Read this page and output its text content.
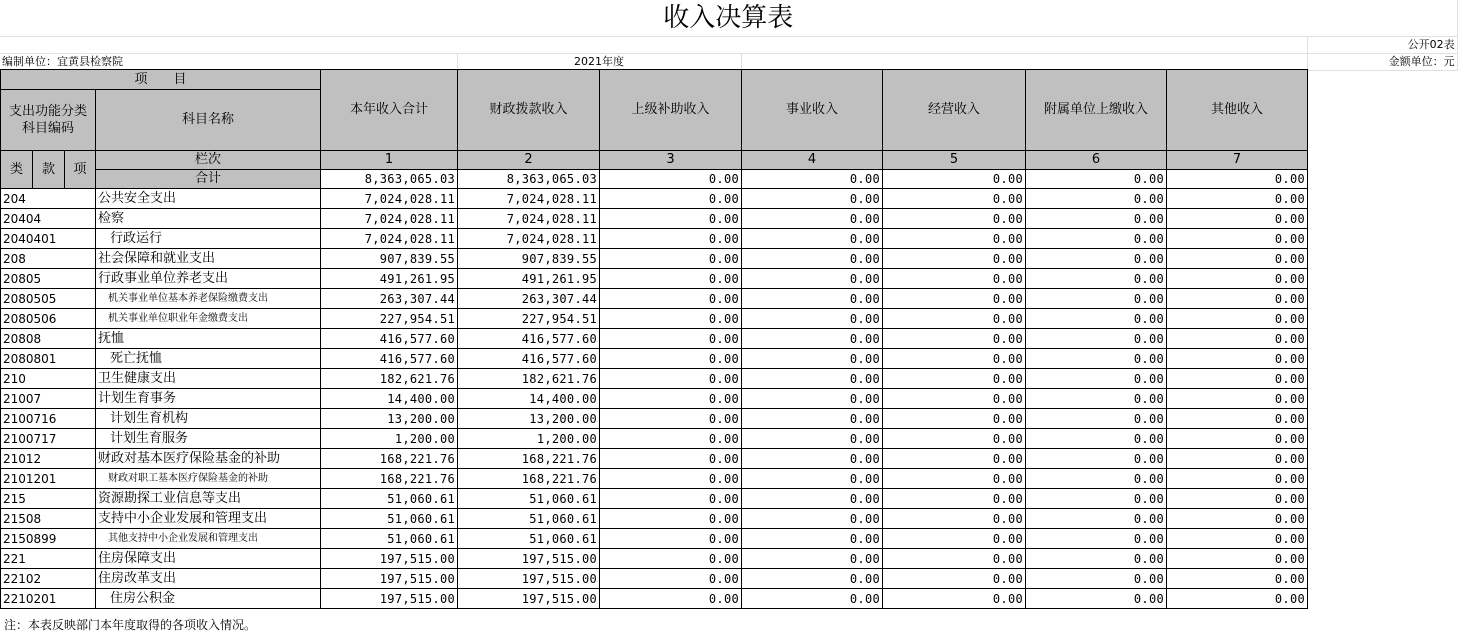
收入决算表			
			公开02表
编制单位：宜黄县检察院	2021年度		金额单位：元
项　　目				本年收入合计	财政拨款收入	上级补助收入	事业收入	经营收入	附属单位上缴收入	其他收入
支出功能分类科目编码			科目名称							
类	款	项	栏次	1	2	3	4	5	6	7
			合计	8,363,065.03	8,363,065.03	0.00	0.00	0.00	0.00	0.00
204			公共安全支出	7,024,028.11	7,024,028.11	0.00	0.00	0.00	0.00	0.00
20404			检察	7,024,028.11	7,024,028.11	0.00	0.00	0.00	0.00	0.00
2040401			行政运行	7,024,028.11	7,024,028.11	0.00	0.00	0.00	0.00	0.00
208			社会保障和就业支出	907,839.55	907,839.55	0.00	0.00	0.00	0.00	0.00
20805			行政事业单位养老支出	491,261.95	491,261.95	0.00	0.00	0.00	0.00	0.00
2080505			机关事业单位基本养老保险缴费支出	263,307.44	263,307.44	0.00	0.00	0.00	0.00	0.00
2080506			机关事业单位职业年金缴费支出	227,954.51	227,954.51	0.00	0.00	0.00	0.00	0.00
20808			抚恤	416,577.60	416,577.60	0.00	0.00	0.00	0.00	0.00
2080801			死亡抚恤	416,577.60	416,577.60	0.00	0.00	0.00	0.00	0.00
210			卫生健康支出	182,621.76	182,621.76	0.00	0.00	0.00	0.00	0.00
21007			计划生育事务	14,400.00	14,400.00	0.00	0.00	0.00	0.00	0.00
2100716			计划生育机构	13,200.00	13,200.00	0.00	0.00	0.00	0.00	0.00
2100717			计划生育服务	1,200.00	1,200.00	0.00	0.00	0.00	0.00	0.00
21012			财政对基本医疗保险基金的补助	168,221.76	168,221.76	0.00	0.00	0.00	0.00	0.00
2101201			财政对职工基本医疗保险基金的补助	168,221.76	168,221.76	0.00	0.00	0.00	0.00	0.00
215			资源勘探工业信息等支出	51,060.61	51,060.61	0.00	0.00	0.00	0.00	0.00
21508			支持中小企业发展和管理支出	51,060.61	51,060.61	0.00	0.00	0.00	0.00	0.00
2150899			其他支持中小企业发展和管理支出	51,060.61	51,060.61	0.00	0.00	0.00	0.00	0.00
221			住房保障支出	197,515.00	197,515.00	0.00	0.00	0.00	0.00	0.00
22102			住房改革支出	197,515.00	197,515.00	0.00	0.00	0.00	0.00	0.00
2210201			住房公积金	197,515.00	197,515.00	0.00	0.00	0.00	0.00	0.00
注：本表反映部门本年度取得的各项收入情况。
